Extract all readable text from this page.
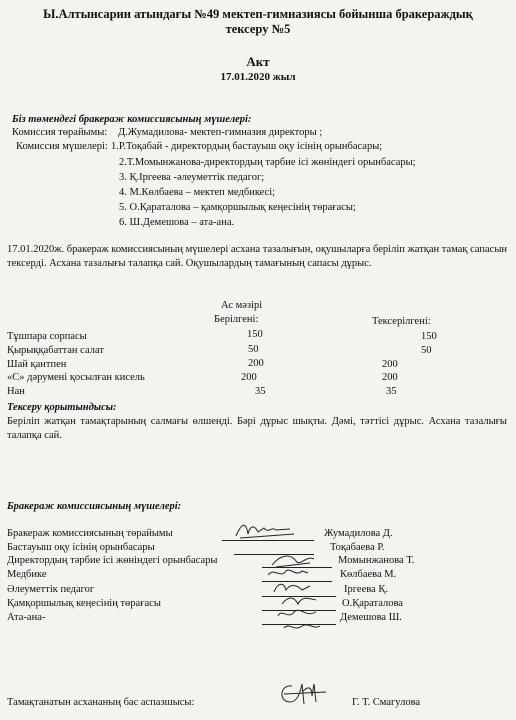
Ы.Алтынсарин атындағы №49 мектеп-гимназиясы бойынша бракераждық
тексеру №5
Акт
17.01.2020 жыл
Біз төмендегі бракераж комиссиясының мүшелері:
Комиссия төрайымы: Д.Жумадилова- мектеп-гимназия директоры ;
Комиссия мүшелері: 1.Р.Тоқабай - директордың бастауыш оқу ісінің орынбасары;
2.Т.Момынжанова-директордың тәрбие ісі жөніндегі орынбасары;
3. Қ.Іргеева -әлеуметтік педагог;
4. М.Көлбаева – мектеп медбикесі;
5. О.Қараталова – қамқоршылық кеңесінің төрағасы;
6. Ш.Демешова – ата-ана.
17.01.2020ж. бракераж комиссиясының мүшелері асхана тазалығын, оқушыларға беріліп жатқан тамақ сапасын тексерді. Асхана тазалығы талапқа сай. Оқушылардың тамағының сапасы дұрыс.
Ас мәзірі
Берілгені:	Тексерілгені:
Тұшпара сорпасы	150	150
Қырыққабаттан салат	50	50
Шай қантпен	200	200
«С» дәрумені қосылған кисель	200	200
Нан	35	35
Тексеру қорытындысы:
Беріліп жатқан тамақтарының салмағы өлшенді. Бәрі дұрыс шықты. Дәмі, тәттісі дұрыс. Асхана тазалығы талапқа сай.
Бракераж комиссиясының мүшелері:
Бракераж комиссиясының төрайымы	Жумадилова Д.
Бастауыш оқу ісінің орынбасары	Тоқабаева Р.
Директордың тәрбие ісі жөніндегі орынбасары	Момынжанова Т.
Медбике	Көлбаева М.
Әлеуметтік педагог	Іргеева Қ.
Қамқоршылық кеңесінің төрағасы	О.Қараталова
Ата-ана-	Демешова Ш.
Тамақтанатын асхананың бас аспазшысы:	Г. Т. Смагулова
